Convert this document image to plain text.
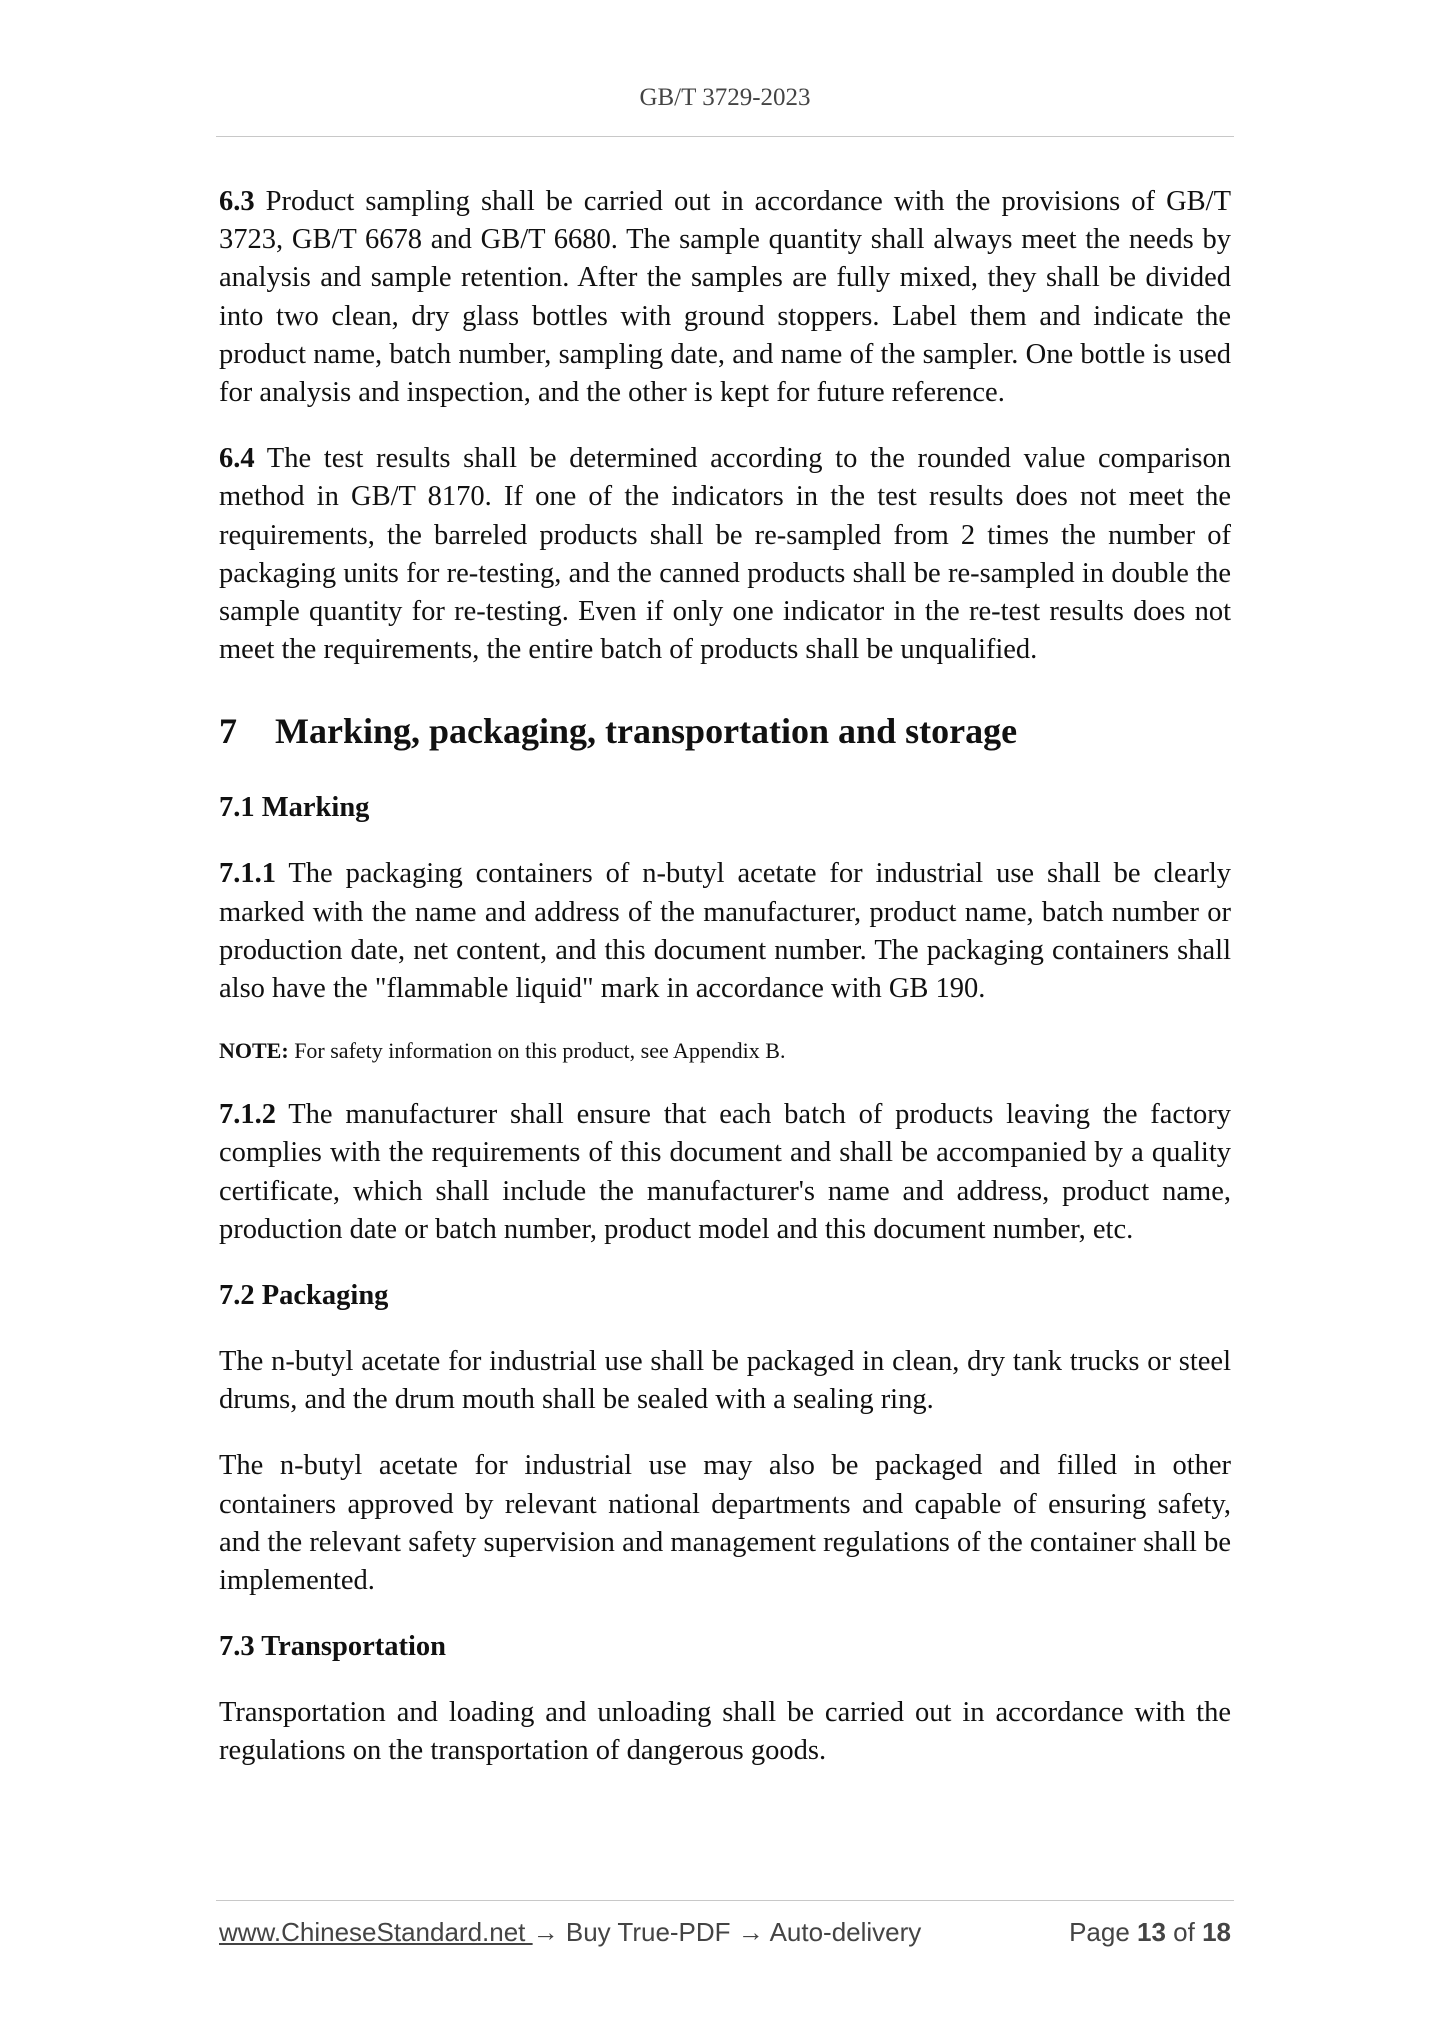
GB/T 3729-2023

6.3 Product sampling shall be carried out in accordance with the provisions of GB/T 3723, GB/T 6678 and GB/T 6680. The sample quantity shall always meet the needs by analysis and sample retention. After the samples are fully mixed, they shall be divided into two clean, dry glass bottles with ground stoppers. Label them and indicate the product name, batch number, sampling date, and name of the sampler. One bottle is used for analysis and inspection, and the other is kept for future reference.

6.4 The test results shall be determined according to the rounded value comparison method in GB/T 8170. If one of the indicators in the test results does not meet the requirements, the barreled products shall be re-sampled from 2 times the number of packaging units for re-testing, and the canned products shall be re-sampled in double the sample quantity for re-testing. Even if only one indicator in the re-test results does not meet the requirements, the entire batch of products shall be unqualified.

7 Marking, packaging, transportation and storage
7.1 Marking

7.1.1 The packaging containers of n-butyl acetate for industrial use shall be clearly marked with the name and address of the manufacturer, product name, batch number or production date, net content, and this document number. The packaging containers shall also have the "flammable liquid" mark in accordance with GB 190.

NOTE: For safety information on this product, see Appendix B.

7.1.2 The manufacturer shall ensure that each batch of products leaving the factory complies with the requirements of this document and shall be accompanied by a quality certificate, which shall include the manufacturer's name and address, product name, production date or batch number, product model and this document number, etc.

7.2 Packaging

The n-butyl acetate for industrial use shall be packaged in clean, dry tank trucks or steel drums, and the drum mouth shall be sealed with a sealing ring.

The n-butyl acetate for industrial use may also be packaged and filled in other containers approved by relevant national departments and capable of ensuring safety, and the relevant safety supervision and management regulations of the container shall be implemented.

7.3 Transportation

Transportation and loading and unloading shall be carried out in accordance with the regulations on the transportation of dangerous goods.

www.ChineseStandard.net → Buy True-PDF → Auto-delivery	Page 13 of 18
